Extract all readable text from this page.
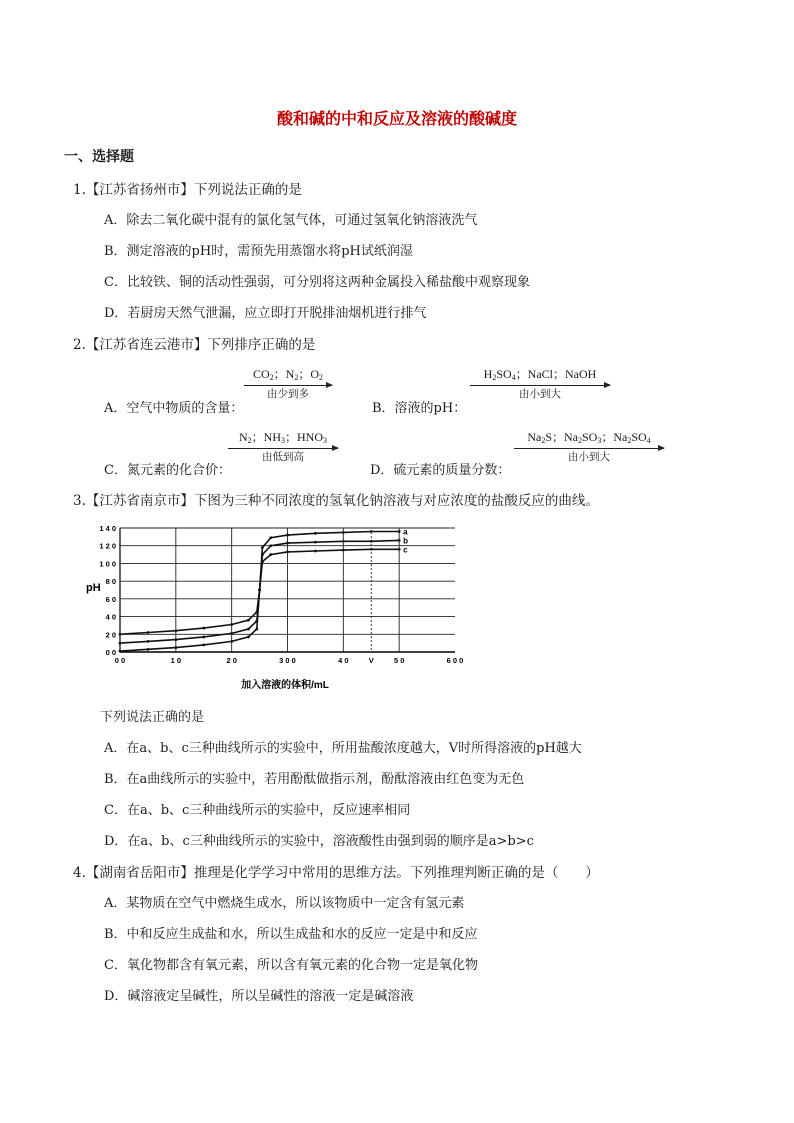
酸和碱的中和反应及溶液的酸碱度
一、选择题
1.【江苏省扬州市】下列说法正确的是
A．除去二氧化碳中混有的氯化氢气体，可通过氢氧化钠溶液洗气
B．测定溶液的pH时，需预先用蒸馏水将pH试纸润湿
C．比较铁、铜的活动性强弱，可分别将这两种金属投入稀盐酸中观察现象
D．若厨房天然气泄漏，应立即打开脱排油烟机进行排气
2.【江苏省连云港市】下列排序正确的是
A．空气中物质的含量：
$CO_2$；$N_2$；$O_2$
由少到多
B．溶液的pH：
$H_2SO_4$；NaCl；NaOH
由小到大
C．氮元素的化合价：
$N_2$；$NH_3$；$HNO_3$
由低到高
D．硫元素的质量分数：
$Na_2S$；$Na_2SO_3$；$Na_2SO_4$
由小到大
3.【江苏省南京市】下图为三种不同浓度的氢氧化钠溶液与对应浓度的盐酸反应的曲线。
1 4 0
1 2 0
1 0 0
8 0
6 0
4 0
2 0
0 0
0 0	1 0	2 0	3 0 0	4 0	V	5 0	6 0 0
a
b
c
pH
加入溶液的体积/mL
下列说法正确的是
A．在a、b、c三种曲线所示的实验中，所用盐酸浓度越大，V时所得溶液的pH越大
B．在a曲线所示的实验中，若用酚酞做指示剂，酚酞溶液由红色变为无色
C．在a、b、c三种曲线所示的实验中，反应速率相同
D．在a、b、c三种曲线所示的实验中，溶液酸性由强到弱的顺序是a>b>c
4.【湖南省岳阳市】推理是化学学习中常用的思维方法。下列推理判断正确的是（　　）
A．某物质在空气中燃烧生成水，所以该物质中一定含有氢元素
B．中和反应生成盐和水，所以生成盐和水的反应一定是中和反应
C．氧化物都含有氧元素，所以含有氧元素的化合物一定是氧化物
D．碱溶液定呈碱性，所以呈碱性的溶液一定是碱溶液
